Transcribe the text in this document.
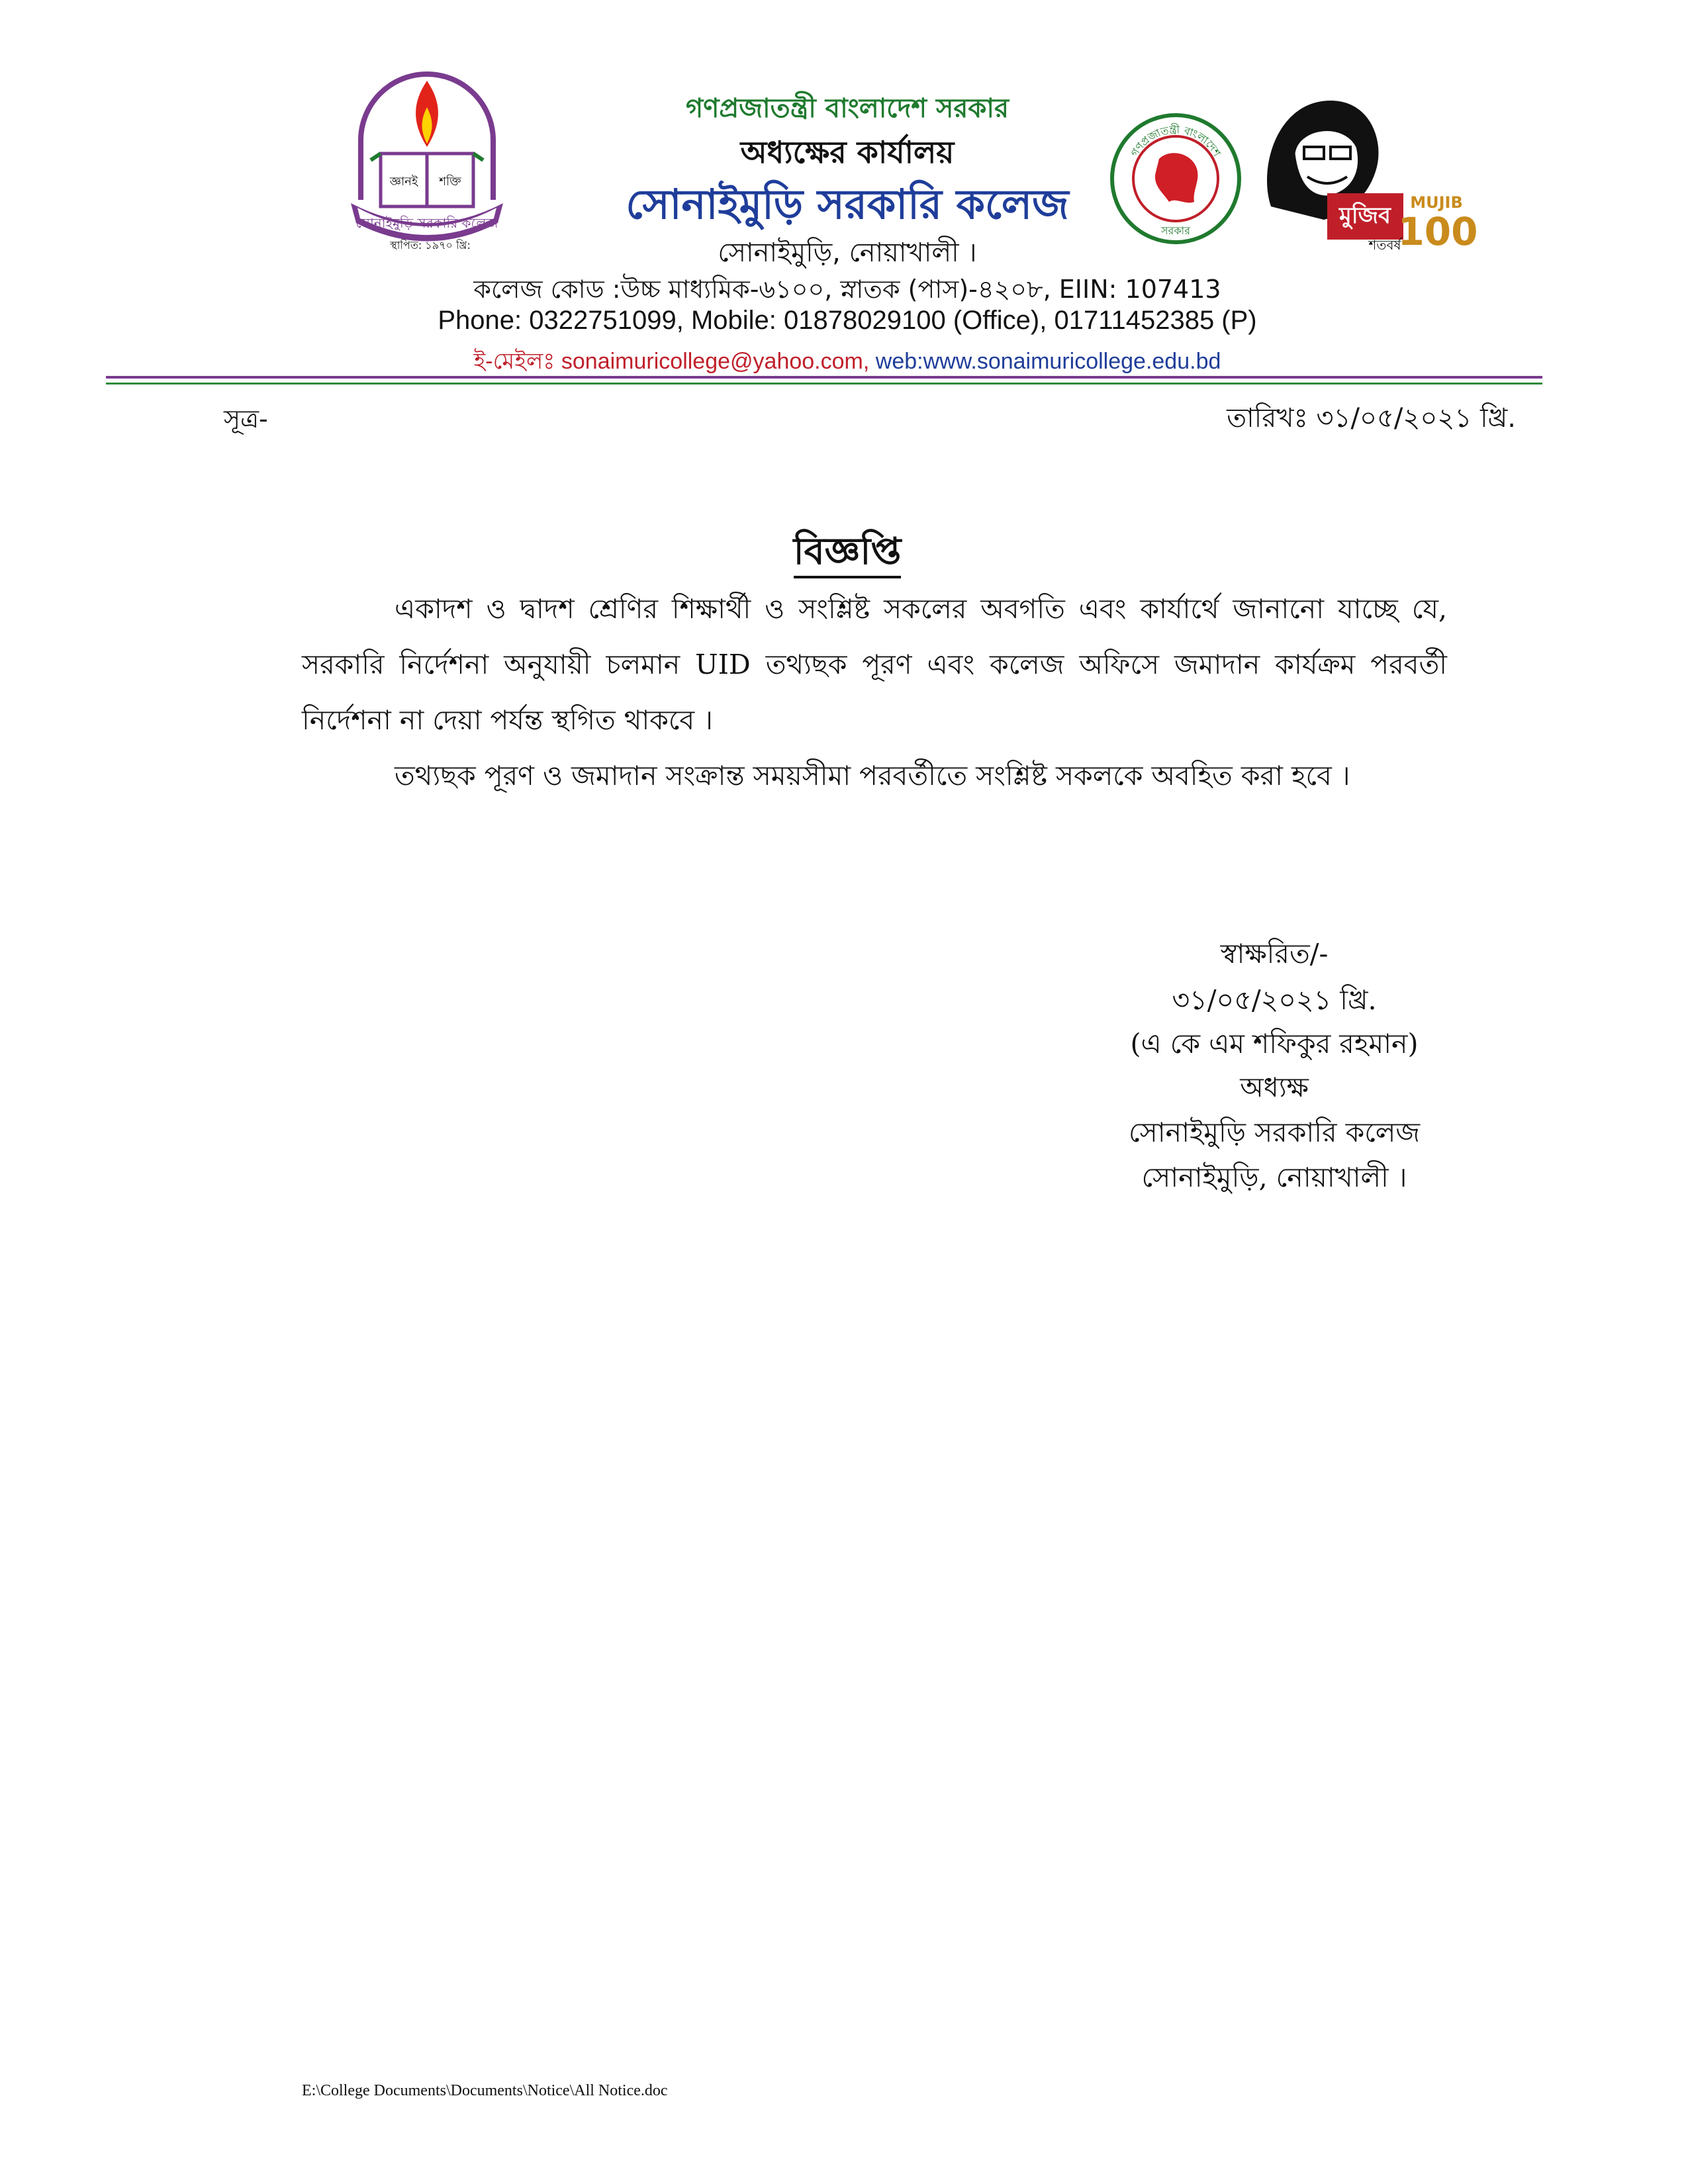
জ্ঞানই শক্তি
সোনাইমুড়ি সরকারি কলেজ
স্থাপিত: ১৯৭০ খ্রি:
গণপ্রজাতন্ত্রী বাংলাদেশ
সরকার
মুজিব
শতবর্ষ
MUJIB
100
গণপ্রজাতন্ত্রী বাংলাদেশ সরকার
অধ্যক্ষের কার্যালয়
সোনাইমুড়ি সরকারি কলেজ
সোনাইমুড়ি, নোয়াখালী ।
কলেজ কোড :উচ্চ মাধ্যমিক-৬১০০, স্নাতক (পাস)-৪২০৮, EIIN: 107413
Phone: 0322751099, Mobile: 01878029100 (Office), 01711452385 (P)
ই-মেইলঃ sonaimuricollege@yahoo.com, web:www.sonaimuricollege.edu.bd
সূত্র-	তারিখঃ ৩১/০৫/২০২১ খ্রি.
বিজ্ঞপ্তি

একাদশ ও দ্বাদশ শ্রেণির শিক্ষার্থী ও সংশ্লিষ্ট সকলের অবগতি এবং কার্যার্থে জানানো যাচ্ছে যে, সরকারি নির্দেশনা অনুযায়ী চলমান UID তথ্যছক পূরণ এবং কলেজ অফিসে জমাদান কার্যক্রম পরবর্তী নির্দেশনা না দেয়া পর্যন্ত স্থগিত থাকবে ।

তথ্যছক পূরণ ও জমাদান সংক্রান্ত সময়সীমা পরবর্তীতে সংশ্লিষ্ট সকলকে অবহিত করা হবে ।

স্বাক্ষরিত/-
৩১/০৫/২০২১ খ্রি.
(এ কে এম শফিকুর রহমান)
অধ্যক্ষ
সোনাইমুড়ি সরকারি কলেজ
সোনাইমুড়ি, নোয়াখালী ।
E:\College Documents\Documents\Notice\All Notice.doc
